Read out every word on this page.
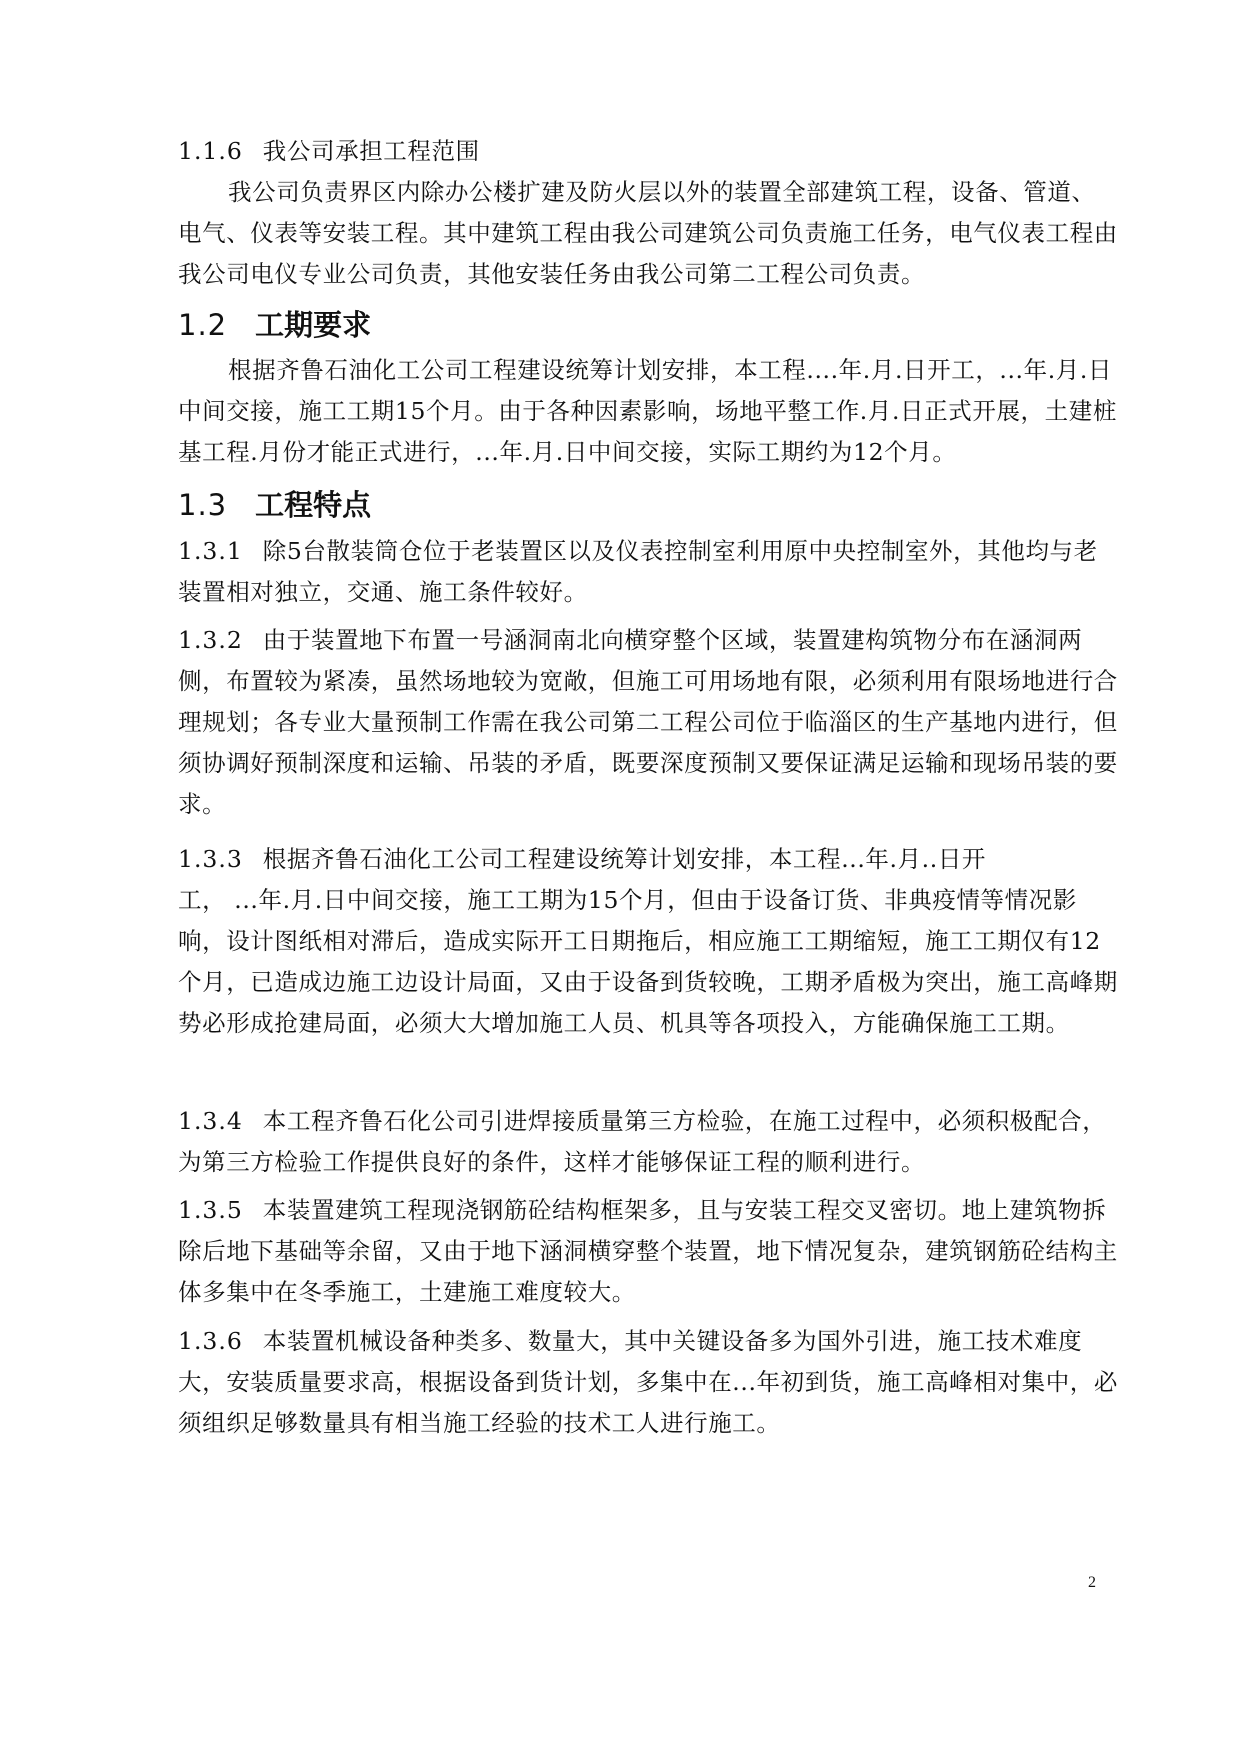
1.1.6 我公司承担工程范围

我公司负责界区内除办公楼扩建及防火层以外的装置全部建筑工程，设备、管道、电气、仪表等安装工程。其中建筑工程由我公司建筑公司负责施工任务，电气仪表工程由我公司电仪专业公司负责，其他安装任务由我公司第二工程公司负责。

1.2 工期要求

根据齐鲁石油化工公司工程建设统筹计划安排，本工程....年.月.日开工，...年.月.日中间交接，施工工期15个月。由于各种因素影响，场地平整工作.月.日正式开展，土建桩基工程.月份才能正式进行，...年.月.日中间交接，实际工期约为12个月。

1.3 工程特点

1.3.1 除5台散装筒仓位于老装置区以及仪表控制室利用原中央控制室外，其他均与老装置相对独立，交通、施工条件较好。

1.3.2 由于装置地下布置一号涵洞南北向横穿整个区域，装置建构筑物分布在涵洞两侧，布置较为紧凑，虽然场地较为宽敞，但施工可用场地有限，必须利用有限场地进行合理规划；各专业大量预制工作需在我公司第二工程公司位于临淄区的生产基地内进行，但须协调好预制深度和运输、吊装的矛盾，既要深度预制又要保证满足运输和现场吊装的要求。

1.3.3 根据齐鲁石油化工公司工程建设统筹计划安排，本工程...年.月..日开
工， ...年.月.日中间交接，施工工期为15个月，但由于设备订货、非典疫情等情况影响，设计图纸相对滞后，造成实际开工日期拖后，相应施工工期缩短，施工工期仅有12个月，已造成边施工边设计局面，又由于设备到货较晚，工期矛盾极为突出，施工高峰期势必形成抢建局面，必须大大增加施工人员、机具等各项投入，方能确保施工工期。

1.3.4 本工程齐鲁石化公司引进焊接质量第三方检验，在施工过程中，必须积极配合，为第三方检验工作提供良好的条件，这样才能够保证工程的顺利进行。

1.3.5 本装置建筑工程现浇钢筋砼结构框架多，且与安装工程交叉密切。地上建筑物拆除后地下基础等余留，又由于地下涵洞横穿整个装置，地下情况复杂，建筑钢筋砼结构主体多集中在冬季施工，土建施工难度较大。

1.3.6 本装置机械设备种类多、数量大，其中关键设备多为国外引进，施工技术难度大，安装质量要求高，根据设备到货计划，多集中在...年初到货，施工高峰相对集中，必须组织足够数量具有相当施工经验的技术工人进行施工。

2
